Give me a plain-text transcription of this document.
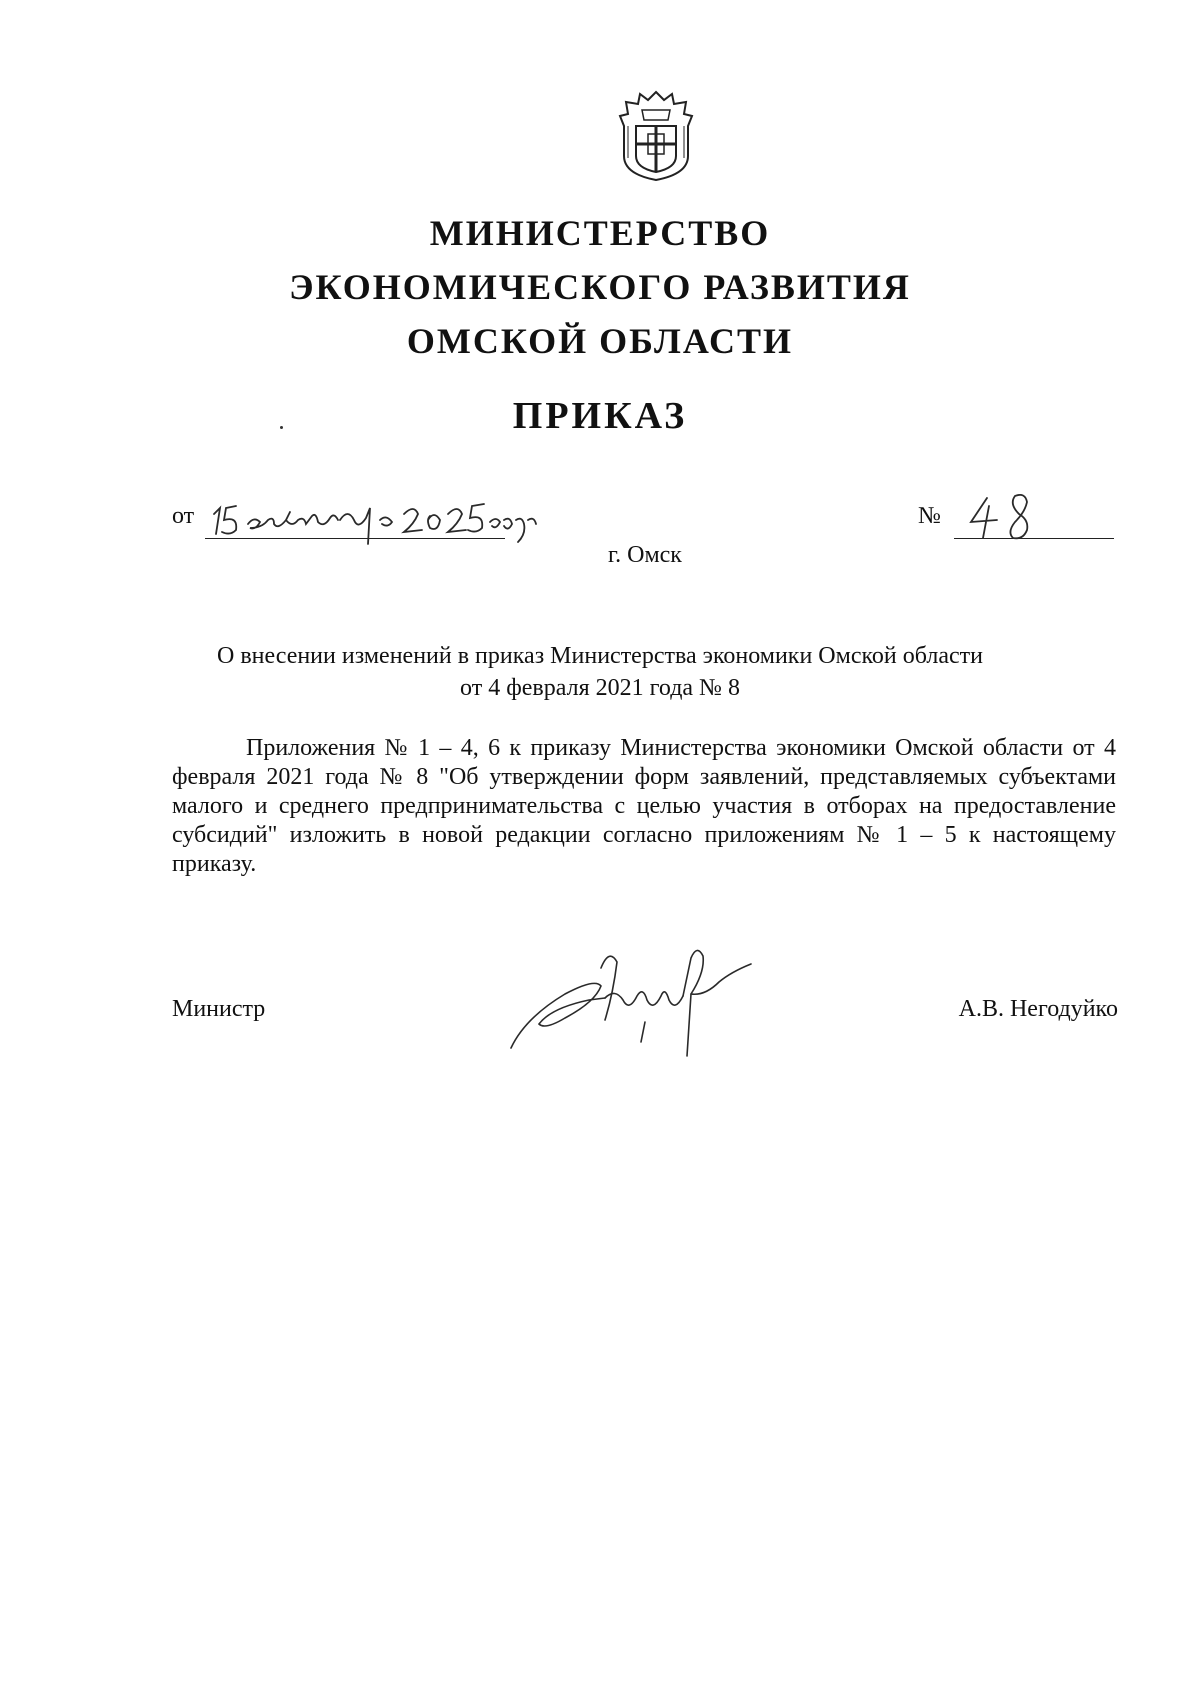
МИНИСТЕРСТВО
ЭКОНОМИЧЕСКОГО РАЗВИТИЯ
ОМСКОЙ ОБЛАСТИ
ПРИКАЗ
от	№
г. Омск
О внесении изменений в приказ Министерства экономики Омской области
от 4 февраля 2021 года № 8
Приложения № 1 – 4, 6 к приказу Министерства экономики Омской области от 4 февраля 2021 года № 8 "Об утверждении форм заявлений, представляемых субъектами малого и среднего предпринимательства с целью участия в отборах на предоставление субсидий" изложить в новой редакции согласно приложениям № 1 – 5 к настоящему приказу.
Министр	А.В. Негодуйко
